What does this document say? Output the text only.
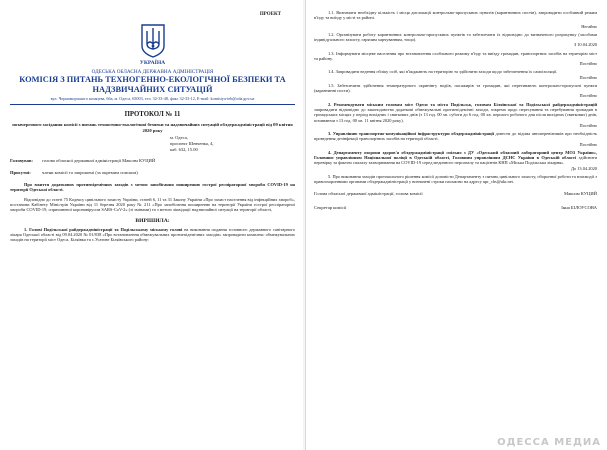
ПРОЕКТ
УКРАЇНА
ОДЕСЬКА ОБЛАСНА ДЕРЖАВНА АДМІНІСТРАЦІЯ
КОМІСІЯ З ПИТАНЬ ТЕХНОГЕННО-ЕКОЛОГІЧНОЇ БЕЗПЕКИ ТА НАДЗВИЧАЙНИХ СИТУАЦІЙ
вул. Чорноморського козацтва, 66а, м. Одеса, 65003, тел. 32-33-48, факс 32-33-12, E-mail: komisiya-teb@oda.gov.ua
ПРОТОКОЛ № 11
позачергового засідання комісії з питань техногенно-екологічної безпеки та надзвичайних ситуацій облдержадміністрації від 09 квітня 2020 року
м. Одеса,
проспект Шевченка, 4,
каб. 632, 15.00
Головував: голова обласної державної адміністрації Максим КУЦИЙ
Присутні: члени комісії та запрошені (за окремим списком)
Про вжиття додаткових протиепідемічних заходів з метою запобігання поширенню гострої респіраторної хвороби COVID-19 на території Одеської області.
Відповідно до статті 75 Кодексу цивільного захисту України, статей 6, 11 та 31 Закону України «Про захист населення від інфекційних хвороб», постанови Кабінету Міністрів України від 11 березня 2020 року № 211 «Про запобігання поширенню на території України гострої респіраторної хвороби COVID-19, спричиненої коронавірусом SARS-CoV-2» (зі змінами) та з метою ліквідації надзвичайної ситуації на території області,
ВИРІШИЛА:
1. Голові Подільської райдержадміністрації та Подільському міському голові на виконання подання головного державного санітарного лікаря Одеської області від 09.04.2020 № 01/838 «Про встановлення обмежувальних протиепідемічних заходів» запровадити комплекс обмежувальних заходів на території міст Одеса, Біляївка та с.Усатове Біляївського району:
1.1. Визначити необхідну кількість і місця дислокації контрольно-пропускних пунктів (карантинних постів), запровадити особливий режим в'їзду та виїзду у місті та районі.
Негайно
1.2. Організувати роботу карантинних контрольно-пропускних пунктів та забезпечити їх відповідно до визначеного розрахунку (засобами індивідуального захисту, гарячим харчуванням, тощо).
З 10.04.2020
1.3. Інформувати місцеве населення про встановлення особливого режиму в'їзду та виїзду громадян, транспортних засобів на територію міст та району.
Постійно
1.4. Запровадити ведення обліку осіб, які в'їжджають на територію та здійснити заходи щодо забезпечення їх самоізоляції.
Постійно
1.5. Забезпечити здійснення температурного скринінгу водіїв, пасажирів та громадян, які перетинають контрольно-пропускні пункти (карантинні пости).
Постійно
2. Рекомендувати міським головам міст Одеси та міста Подільськ, головам Біляївської та Подільської райдержадміністрацій запровадити відповідно до законодавства додаткові обмежувальні протиепідемічні заходи, зокрема щодо пересування та перебування громадян в громадських місцях у період вихідних і святкових днів (з 13 год. 00 хв. суботи до 6 год. 00 хв. першого робочого дня після вихідних (святкових) днів, починаючи з 13 год. 00 хв. 11 квітня 2020 року).
Постійно
3. Управлінню транспортно-комунікаційної інфраструктури облдержадміністрації довести до відома автоперевізників про необхідність проведення дезінфекції транспортних засобів на території області.
Постійно
4. Департаменту охорони здоров'я облдержадміністрації спільно з ДУ «Одеський обласний лабораторний центр МОЗ України», Головним управлінням Національної поліції в Одеській області, Головним управлінням ДСНС України в Одеській області здійснити перевірку за фактом спалаху захворювання на COVID-19 серед медичного персоналу та пацієнтів КНП «Міська Подільська лікарня».
До 13.04.2020
5. Про виконання заходів протокольного рішення комісії доповісти Департаменту з питань цивільного захисту, оборонної роботи та взаємодії з правоохоронними органами облдержадміністрації у визначені строки пасьмово на адресу upr_chs@ukr.net.
Голова обласної державної адміністрації, голова комісії	Максим КУЦИЙ
Секретар комісії	Інна БІЛОУСОВА
ОДЕССА МЕДИА
